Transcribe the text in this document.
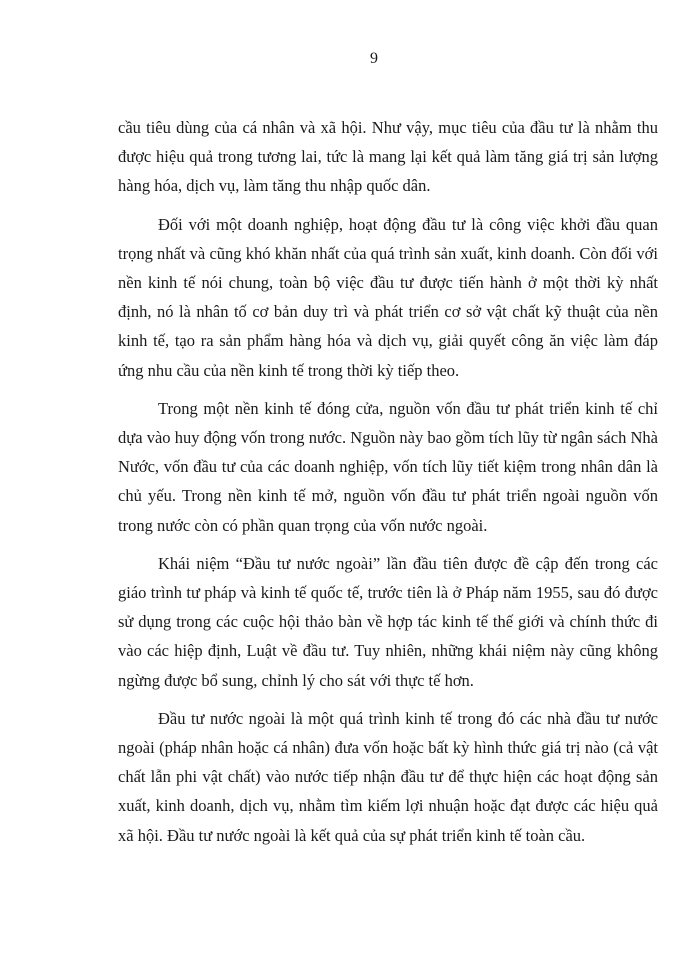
9

cầu tiêu dùng của cá nhân và xã hội. Như vậy, mục tiêu của đầu tư là nhằm thu được hiệu quả trong tương lai, tức là mang lại kết quả làm tăng giá trị sản lượng hàng hóa, dịch vụ, làm tăng thu nhập quốc dân.

Đối với một doanh nghiệp, hoạt động đầu tư là công việc khởi đầu quan trọng nhất và cũng khó khăn nhất của quá trình sản xuất, kinh doanh. Còn đối với nền kinh tế nói chung, toàn bộ việc đầu tư được tiến hành ở một thời kỳ nhất định, nó là nhân tố cơ bản duy trì và phát triển cơ sở vật chất kỹ thuật của nền kinh tế, tạo ra sản phẩm hàng hóa và dịch vụ, giải quyết công ăn việc làm đáp ứng nhu cầu của nền kinh tế trong thời kỳ tiếp theo.

Trong một nền kinh tế đóng cửa, nguồn vốn đầu tư phát triển kinh tế chỉ dựa vào huy động vốn trong nước. Nguồn này bao gồm tích lũy từ ngân sách Nhà Nước, vốn đầu tư của các doanh nghiệp, vốn tích lũy tiết kiệm trong nhân dân là chủ yếu. Trong nền kinh tế mở, nguồn vốn đầu tư phát triển ngoài nguồn vốn trong nước còn có phần quan trọng của vốn nước ngoài.

Khái niệm “Đầu tư nước ngoài” lần đầu tiên được đề cập đến trong các giáo trình tư pháp và kinh tế quốc tế, trước tiên là ở Pháp năm 1955, sau đó được sử dụng trong các cuộc hội thảo bàn về hợp tác kinh tế thế giới và chính thức đi vào các hiệp định, Luật về đầu tư. Tuy nhiên, những khái niệm này cũng không ngừng được bổ sung, chỉnh lý cho sát với thực tế hơn.

Đầu tư nước ngoài là một quá trình kinh tế trong đó các nhà đầu tư nước ngoài (pháp nhân hoặc cá nhân) đưa vốn hoặc bất kỳ hình thức giá trị nào (cả vật chất lẫn phi vật chất) vào nước tiếp nhận đầu tư để thực hiện các hoạt động sản xuất, kinh doanh, dịch vụ, nhằm tìm kiếm lợi nhuận hoặc đạt được các hiệu quả xã hội. Đầu tư nước ngoài là kết quả của sự phát triển kinh tế toàn cầu.
